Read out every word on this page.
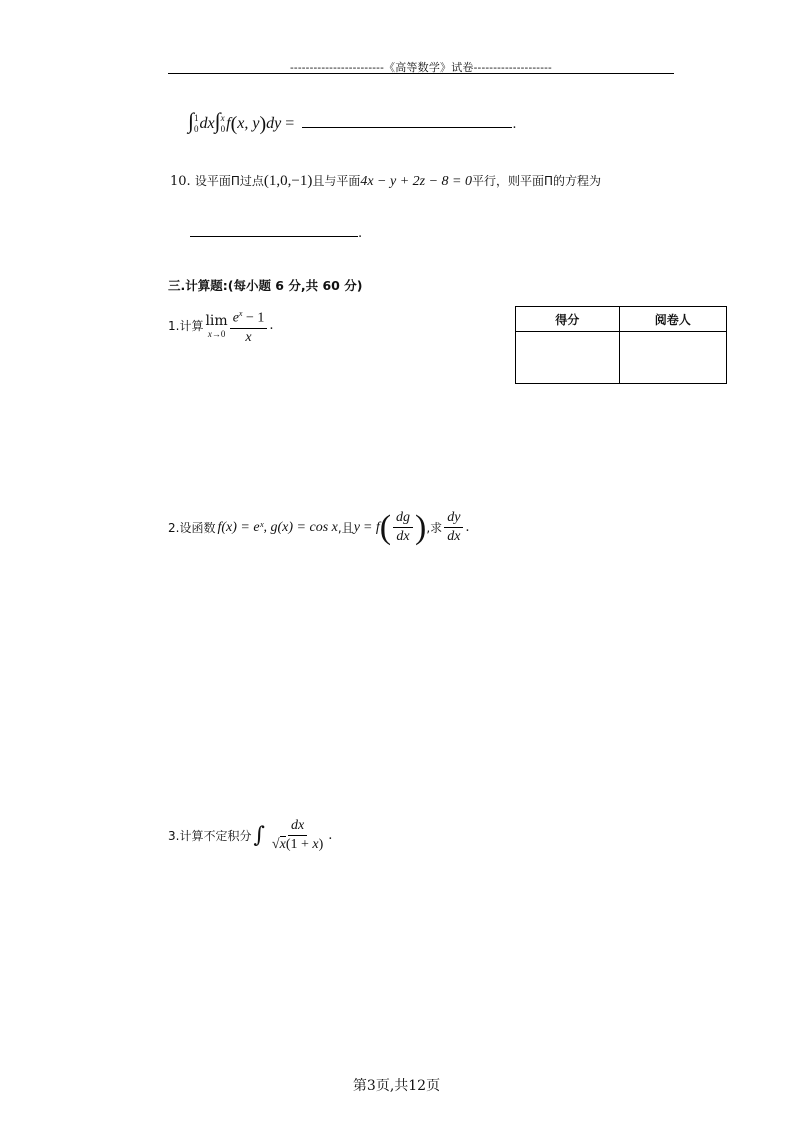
------------------------《高等数学》试卷--------------------
∫ 1
0 dx∫ x
0 f(x, y)dy =	.
10. 设平面Π过点(1,0,−1)且与平面4x − y + 2z − 8 = 0平行，则平面Π的方程为
.
三.计算题:(每小题 6 分,共 60 分)
得分	阅卷人

1.计算 lim
$x\to 0 \frac{e^x - 1}{x}$ .
2.设函数 f(x) = eˣ, g(x) = cos x ,且 y = f ( $\frac{dg}{dx}$ ) ,求 $\frac{dy}{dx}$ .
3.计算不定积分 ∫ $\frac{dx}{√x(1 + x)}$ .
第3页,共12页
